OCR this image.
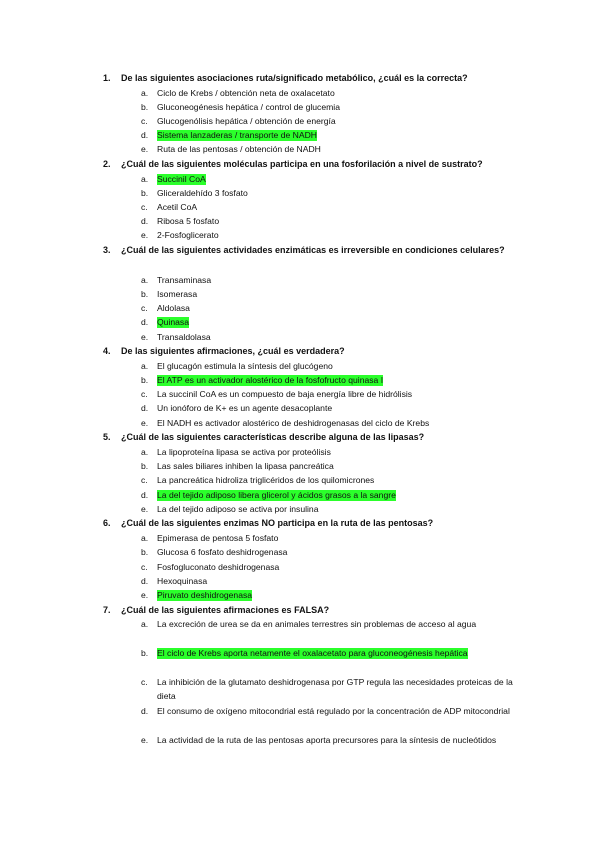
1.	De las siguientes asociaciones ruta/significado metabólico, ¿cuál es la correcta?
a.	Ciclo de Krebs / obtención neta de oxalacetato
b.	Gluconeogénesis hepática / control de glucemia
c.	Glucogenólisis hepática / obtención de energía
d.	Sistema lanzaderas / transporte de NADH
e.	Ruta de las pentosas / obtención de NADH
2.	¿Cuál de las siguientes moléculas participa en una fosforilación a nivel de sustrato?
a.	Succinil CoA
b.	Gliceraldehído 3 fosfato
c.	Acetil CoA
d.	Ribosa 5 fosfato
e.	2-Fosfoglicerato
3.	¿Cuál de las siguientes actividades enzimáticas es irreversible en condiciones celulares?
a.	Transaminasa
b.	Isomerasa
c.	Aldolasa
d.	Quinasa
e.	Transaldolasa
4.	De las siguientes afirmaciones, ¿cuál es verdadera?
a.	El glucagón estimula la síntesis del glucógeno
b.	El ATP es un activador alostérico de la fosfofructo quinasa I
c.	La succinil CoA es un compuesto de baja energía libre de hidrólisis
d.	Un ionóforo de K+ es un agente desacoplante
e.	El NADH es activador alostérico de deshidrogenasas del ciclo de Krebs
5.	¿Cuál de las siguientes características describe alguna de las lipasas?
a.	La lipoproteína lipasa se activa por proteólisis
b.	Las sales biliares inhiben la lipasa pancreática
c.	La pancreática hidroliza triglicéridos de los quilomicrones
d.	La del tejido adiposo libera glicerol y ácidos grasos a la sangre
e.	La del tejido adiposo se activa por insulina
6.	¿Cuál de las siguientes enzimas NO participa en la ruta de las pentosas?
a.	Epimerasa de pentosa 5 fosfato
b.	Glucosa 6 fosfato deshidrogenasa
c.	Fosfogluconato deshidrogenasa
d.	Hexoquinasa
e.	Piruvato deshidrogenasa
7.	¿Cuál de las siguientes afirmaciones es FALSA?
a.	La excreción de urea se da en animales terrestres sin problemas de acceso al agua
b.	El ciclo de Krebs aporta netamente el oxalacetato para gluconeogénesis hepática
c.	La inhibición de la glutamato deshidrogenasa por GTP regula las necesidades proteicas de la dieta
d.	El consumo de oxígeno mitocondrial está regulado por la concentración de ADP mitocondrial
e.	La actividad de la ruta de las pentosas aporta precursores para la síntesis de nucleótidos
